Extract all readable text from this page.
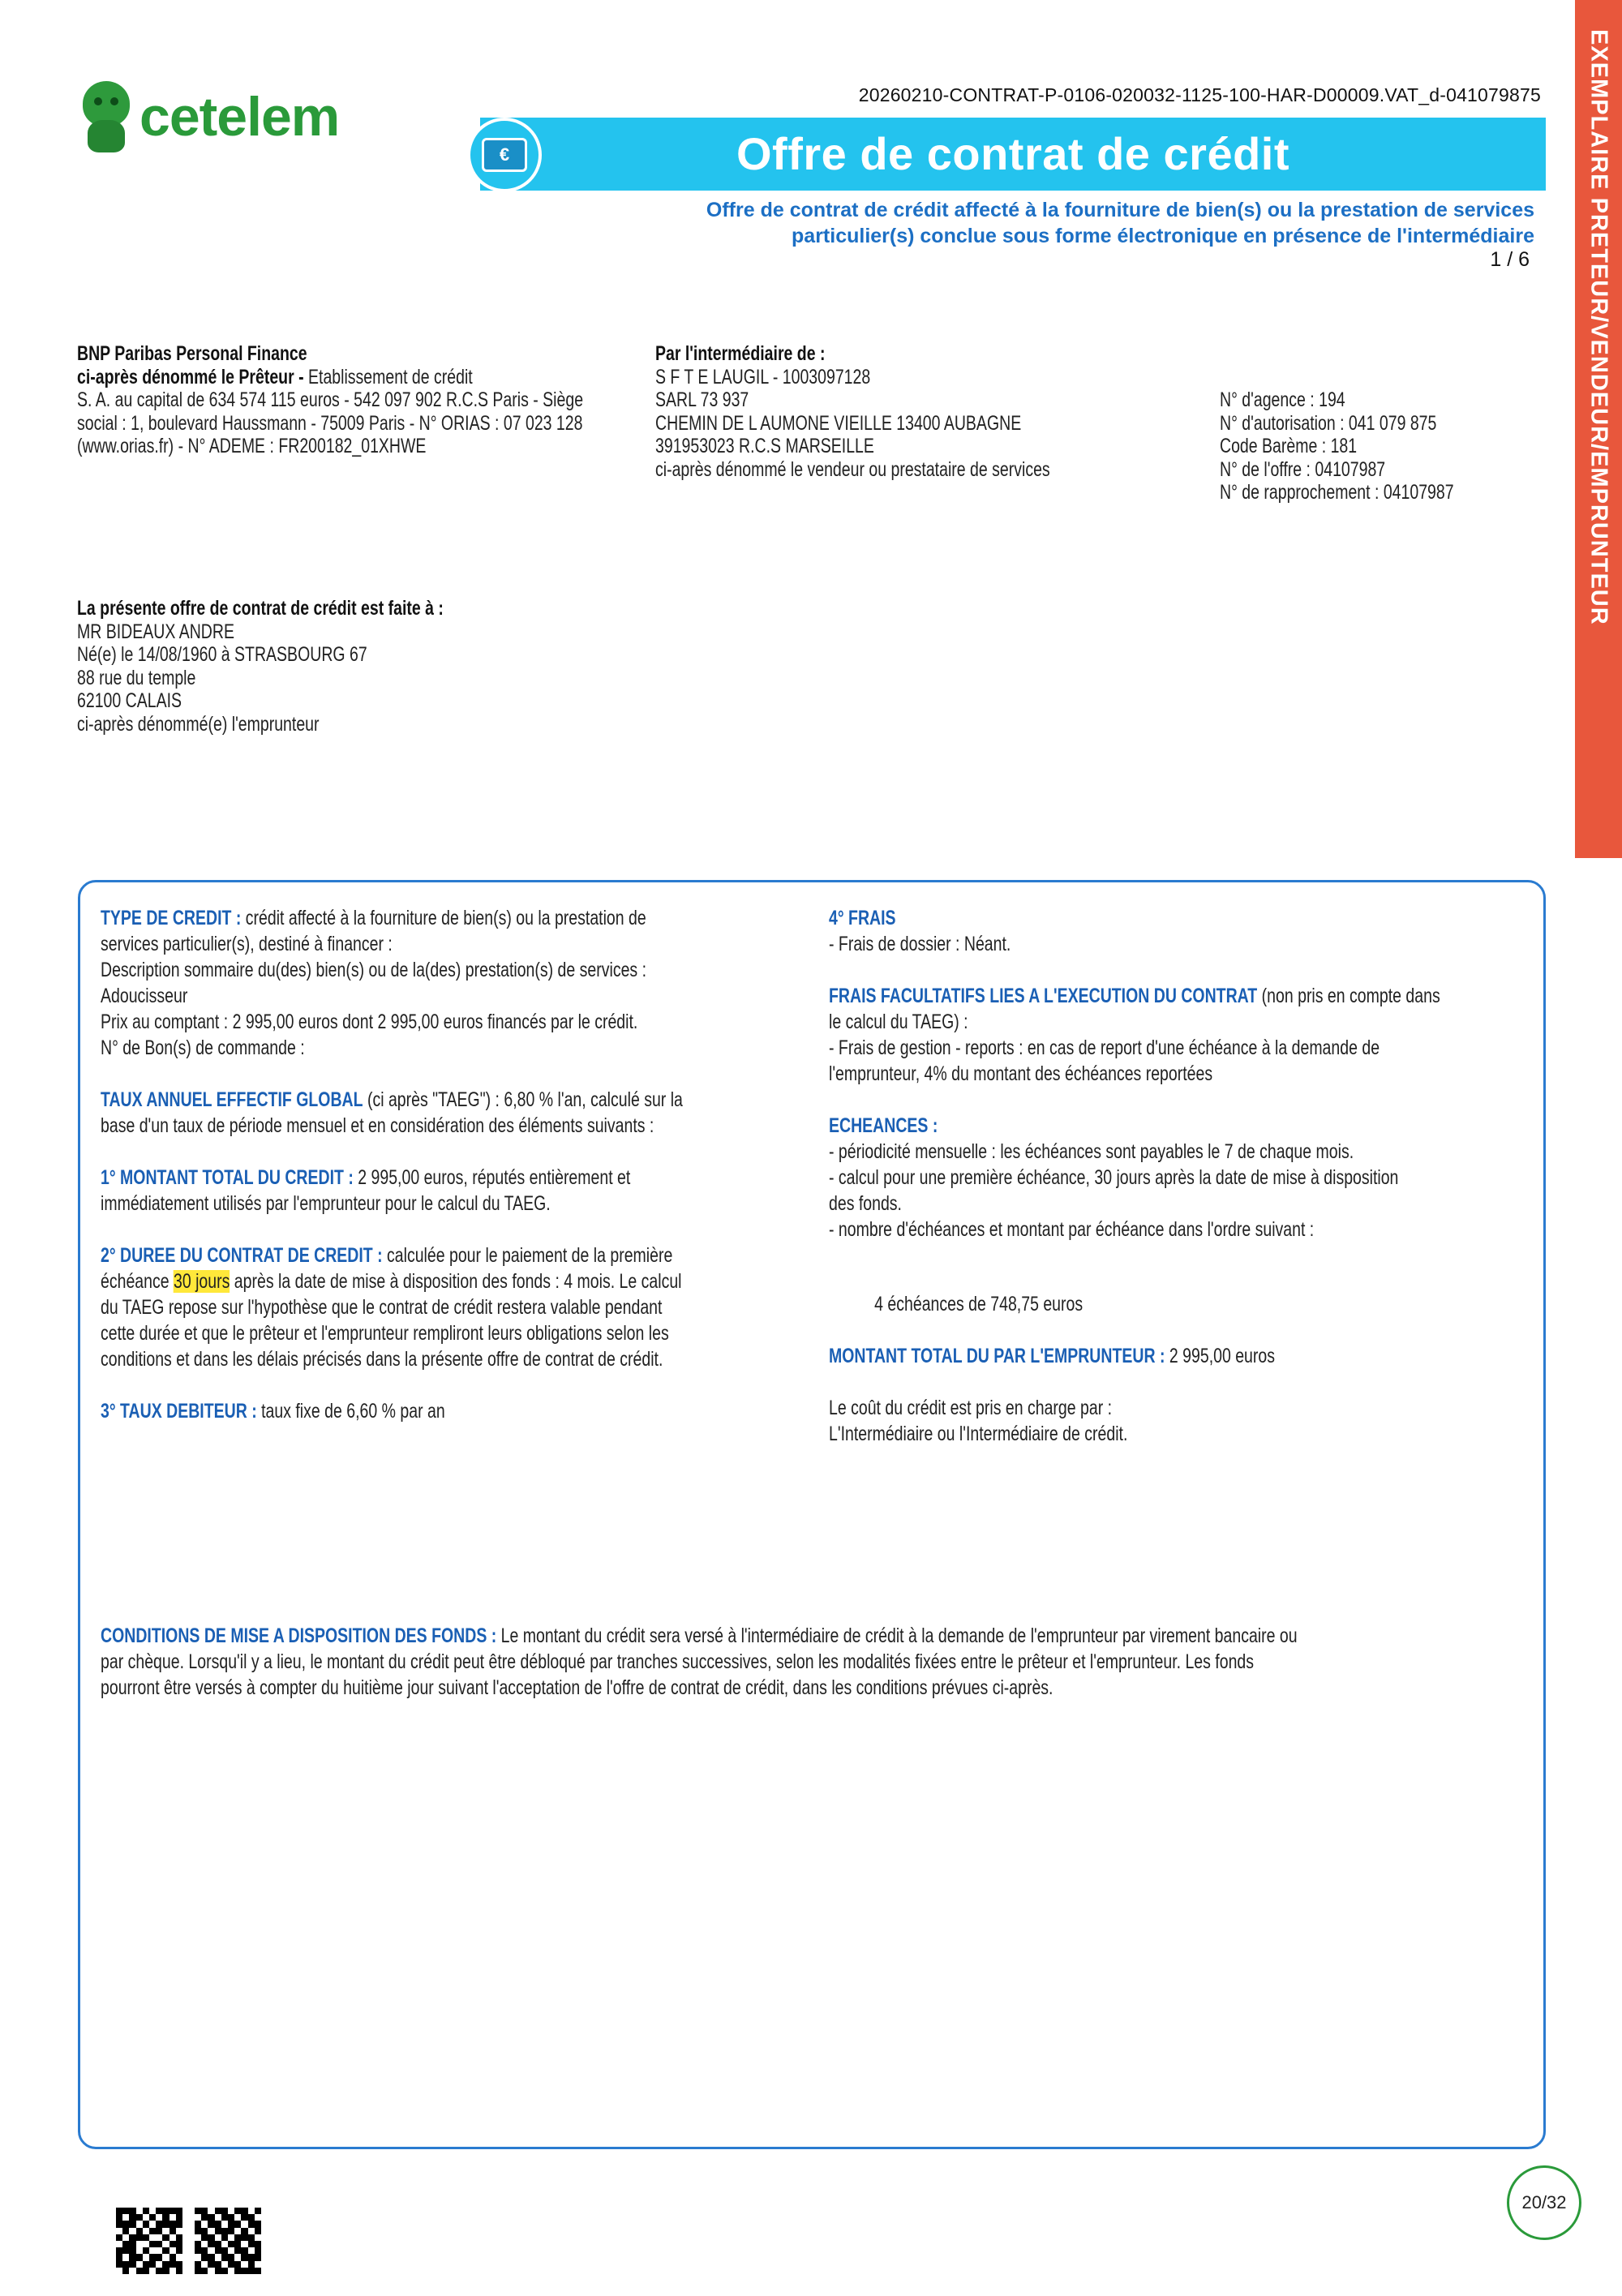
EXEMPLAIRE PRETEUR/VENDEUR/EMPRUNTEUR
cetelem	20260210-CONTRAT-P-0106-020032-1125-100-HAR-D00009.VAT_d-041079875
Offre de contrat de crédit
€
Offre de contrat de crédit affecté à la fourniture de bien(s) ou la prestation de services
particulier(s) conclue sous forme électronique en présence de l'intermédiaire
1 / 6
BNP Paribas Personal Finance
ci-après dénommé le Prêteur - Etablissement de crédit
S. A. au capital de 634 574 115 euros - 542 097 902 R.C.S Paris - Siège
social : 1, boulevard Haussmann - 75009 Paris - N° ORIAS : 07 023 128
(www.orias.fr) - N° ADEME : FR200182_01XHWE
Par l'intermédiaire de :
S F T E LAUGIL - 1003097128
SARL 73 937
CHEMIN DE L AUMONE VIEILLE 13400 AUBAGNE
391953023 R.C.S MARSEILLE
ci-après dénommé le vendeur ou prestataire de services
N° d'agence : 194
N° d'autorisation : 041 079 875
Code Barème : 181
N° de l'offre : 04107987
N° de rapprochement : 04107987
La présente offre de contrat de crédit est faite à :
MR BIDEAUX ANDRE
Né(e) le 14/08/1960 à STRASBOURG 67
88 rue du temple
62100 CALAIS
ci-après dénommé(e) l'emprunteur
TYPE DE CREDIT : crédit affecté à la fourniture de bien(s) ou la prestation de
services particulier(s), destiné à financer :
Description sommaire du(des) bien(s) ou de la(des) prestation(s) de services :
Adoucisseur
Prix au comptant : 2 995,00 euros dont 2 995,00 euros financés par le crédit.
N° de Bon(s) de commande :
TAUX ANNUEL EFFECTIF GLOBAL (ci après "TAEG") : 6,80 % l'an, calculé sur la
base d'un taux de période mensuel et en considération des éléments suivants :
1° MONTANT TOTAL DU CREDIT : 2 995,00 euros, réputés entièrement et
immédiatement utilisés par l'emprunteur pour le calcul du TAEG.
2° DUREE DU CONTRAT DE CREDIT : calculée pour le paiement de la première
échéance 30 jours après la date de mise à disposition des fonds : 4 mois. Le calcul
du TAEG repose sur l'hypothèse que le contrat de crédit restera valable pendant
cette durée et que le prêteur et l'emprunteur rempliront leurs obligations selon les
conditions et dans les délais précisés dans la présente offre de contrat de crédit.
3° TAUX DEBITEUR : taux fixe de 6,60 % par an
4° FRAIS
- Frais de dossier : Néant.
FRAIS FACULTATIFS LIES A L'EXECUTION DU CONTRAT (non pris en compte dans
le calcul du TAEG) :
- Frais de gestion - reports : en cas de report d'une échéance à la demande de
l'emprunteur, 4% du montant des échéances reportées
ECHEANCES :
- périodicité mensuelle : les échéances sont payables le 7 de chaque mois.
- calcul pour une première échéance, 30 jours après la date de mise à disposition
des fonds.
- nombre d'échéances et montant par échéance dans l'ordre suivant :
4 échéances de 748,75 euros
MONTANT TOTAL DU PAR L'EMPRUNTEUR : 2 995,00 euros
Le coût du crédit est pris en charge par :
L'Intermédiaire ou l'Intermédiaire de crédit.
CONDITIONS DE MISE A DISPOSITION DES FONDS : Le montant du crédit sera versé à l'intermédiaire de crédit à la demande de l'emprunteur par virement bancaire ou
par chèque. Lorsqu'il y a lieu, le montant du crédit peut être débloqué par tranches successives, selon les modalités fixées entre le prêteur et l'emprunteur. Les fonds
pourront être versés à compter du huitième jour suivant l'acceptation de l'offre de contrat de crédit, dans les conditions prévues ci-après.
20/32
